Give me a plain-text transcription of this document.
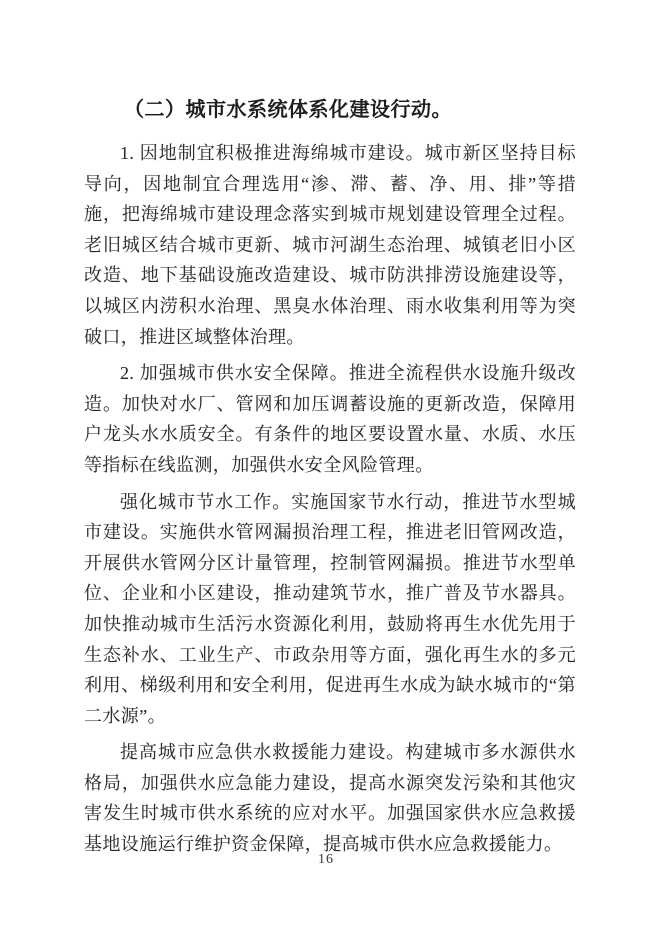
（二）城市水系统体系化建设行动。

1. 因地制宜积极推进海绵城市建设。城市新区坚持目标导向，因地制宜合理选用“渗、滞、蓄、净、用、排”等措施，把海绵城市建设理念落实到城市规划建设管理全过程。老旧城区结合城市更新、城市河湖生态治理、城镇老旧小区改造、地下基础设施改造建设、城市防洪排涝设施建设等，以城区内涝积水治理、黑臭水体治理、雨水收集利用等为突破口，推进区域整体治理。

2. 加强城市供水安全保障。推进全流程供水设施升级改造。加快对水厂、管网和加压调蓄设施的更新改造，保障用户龙头水水质安全。有条件的地区要设置水量、水质、水压等指标在线监测，加强供水安全风险管理。

强化城市节水工作。实施国家节水行动，推进节水型城市建设。实施供水管网漏损治理工程，推进老旧管网改造，开展供水管网分区计量管理，控制管网漏损。推进节水型单位、企业和小区建设，推动建筑节水，推广普及节水器具。加快推动城市生活污水资源化利用，鼓励将再生水优先用于生态补水、工业生产、市政杂用等方面，强化再生水的多元利用、梯级利用和安全利用，促进再生水成为缺水城市的“第二水源”。

提高城市应急供水救援能力建设。构建城市多水源供水格局，加强供水应急能力建设，提高水源突发污染和其他灾害发生时城市供水系统的应对水平。加强国家供水应急救援基地设施运行维护资金保障，提高城市供水应急救援能力。

16
